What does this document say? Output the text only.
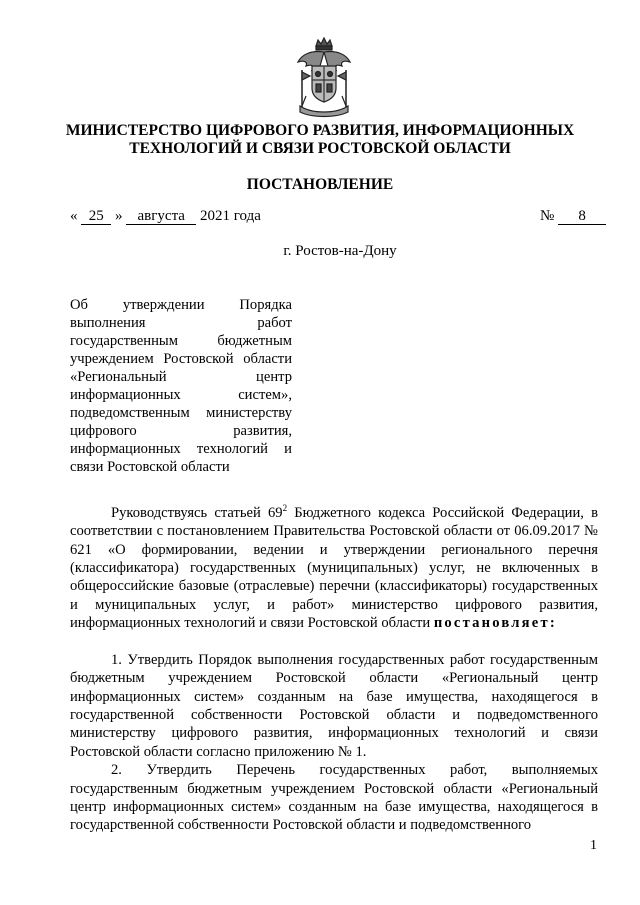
МИНИСТЕРСТВО ЦИФРОВОГО РАЗВИТИЯ, ИНФОРМАЦИОННЫХ
ТЕХНОЛОГИЙ И СВЯЗИ РОСТОВСКОЙ ОБЛАСТИ
ПОСТАНОВЛЕНИЕ
« 25 » августа 2021 года	№ 8
г. Ростов-на-Дону
Об утверждении Порядка выполнения работ государственным бюджетным учреждением Ростовской области «Региональный центр информационных систем», подведомственным министерству цифрового развития, информационных технологий и связи Ростовской области

Руководствуясь статьей $69^2$ Бюджетного кодекса Российской Федерации, в соответствии с постановлением Правительства Ростовской области от 06.09.2017 № 621 «О формировании, ведении и утверждении регионального перечня (классификатора) государственных (муниципальных) услуг, не включенных в общероссийские базовые (отраслевые) перечни (классификаторы) государственных и муниципальных услуг, и работ» министерство цифрового развития, информационных технологий и связи Ростовской области постановляет:

1. Утвердить Порядок выполнения государственных работ государственным бюджетным учреждением Ростовской области «Региональный центр информационных систем» созданным на базе имущества, находящегося в государственной собственности Ростовской области и подведомственного министерству цифрового развития, информационных технологий и связи Ростовской области согласно приложению № 1.

2. Утвердить Перечень государственных работ, выполняемых государственным бюджетным учреждением Ростовской области «Региональный центр информационных систем» созданным на базе имущества, находящегося в государственной собственности Ростовской области и подведомственного

1
